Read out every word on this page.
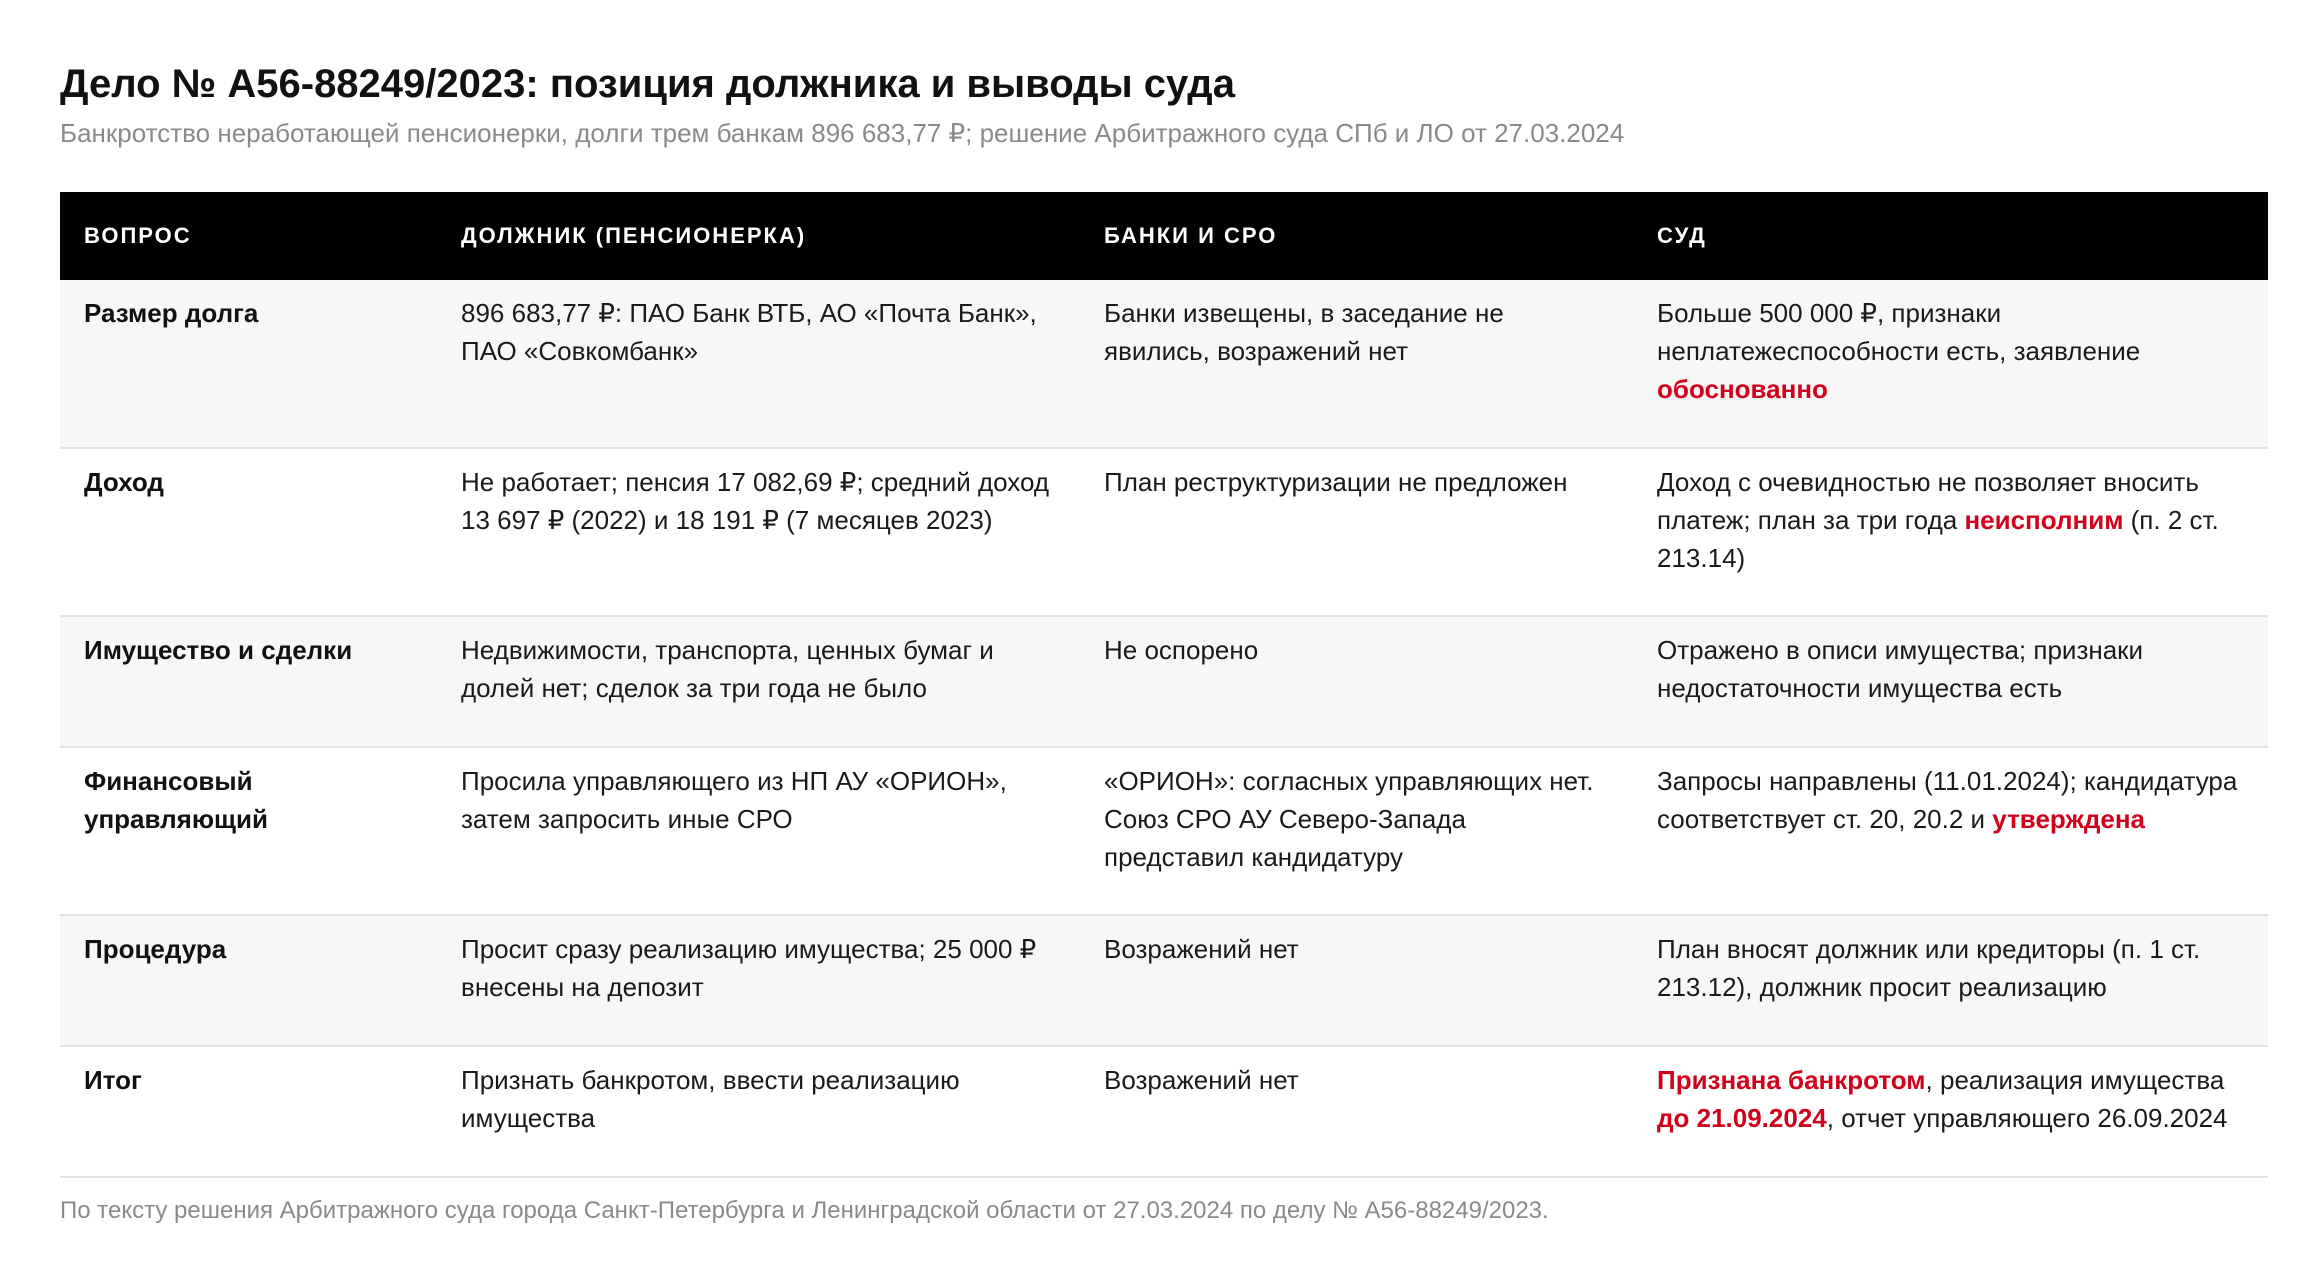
Дело № А56-88249/2023: позиция должника и выводы суда
Банкротство неработающей пенсионерки, долги трем банкам 896 683,77 ₽; решение Арбитражного суда СПб и ЛО от 27.03.2024
ВОПРОС	ДОЛЖНИК (ПЕНСИОНЕРКА)	БАНКИ И СРО	СУД
Размер долга	896 683,77 ₽: ПАО Банк ВТБ, АО «Почта Банк», ПАО «Совкомбанк»	Банки извещены, в заседание не явились, возражений нет	Больше 500 000 ₽, признаки неплатежеспособности есть, заявление обоснованно
Доход	Не работает; пенсия 17 082,69 ₽; средний доход 13 697 ₽ (2022) и 18 191 ₽ (7 месяцев 2023)	План реструктуризации не предложен	Доход с очевидностью не позволяет вносить платеж; план за три года неисполним (п. 2 ст. 213.14)
Имущество и сделки	Недвижимости, транспорта, ценных бумаг и долей нет; сделок за три года не было	Не оспорено	Отражено в описи имущества; признаки недостаточности имущества есть
Финансовый управляющий	Просила управляющего из НП АУ «ОРИОН», затем запросить иные СРО	«ОРИОН»: согласных управляющих нет. Союз СРО АУ Северо-Запада представил кандидатуру	Запросы направлены (11.01.2024); кандидатура соответствует ст. 20, 20.2 и утверждена
Процедура	Просит сразу реализацию имущества; 25 000 ₽ внесены на депозит	Возражений нет	План вносят должник или кредиторы (п. 1 ст. 213.12), должник просит реализацию
Итог	Признать банкротом, ввести реализацию имущества	Возражений нет	Признана банкротом, реализация имущества до 21.09.2024, отчет управляющего 26.09.2024
По тексту решения Арбитражного суда города Санкт-Петербурга и Ленинградской области от 27.03.2024 по делу № А56-88249/2023.
